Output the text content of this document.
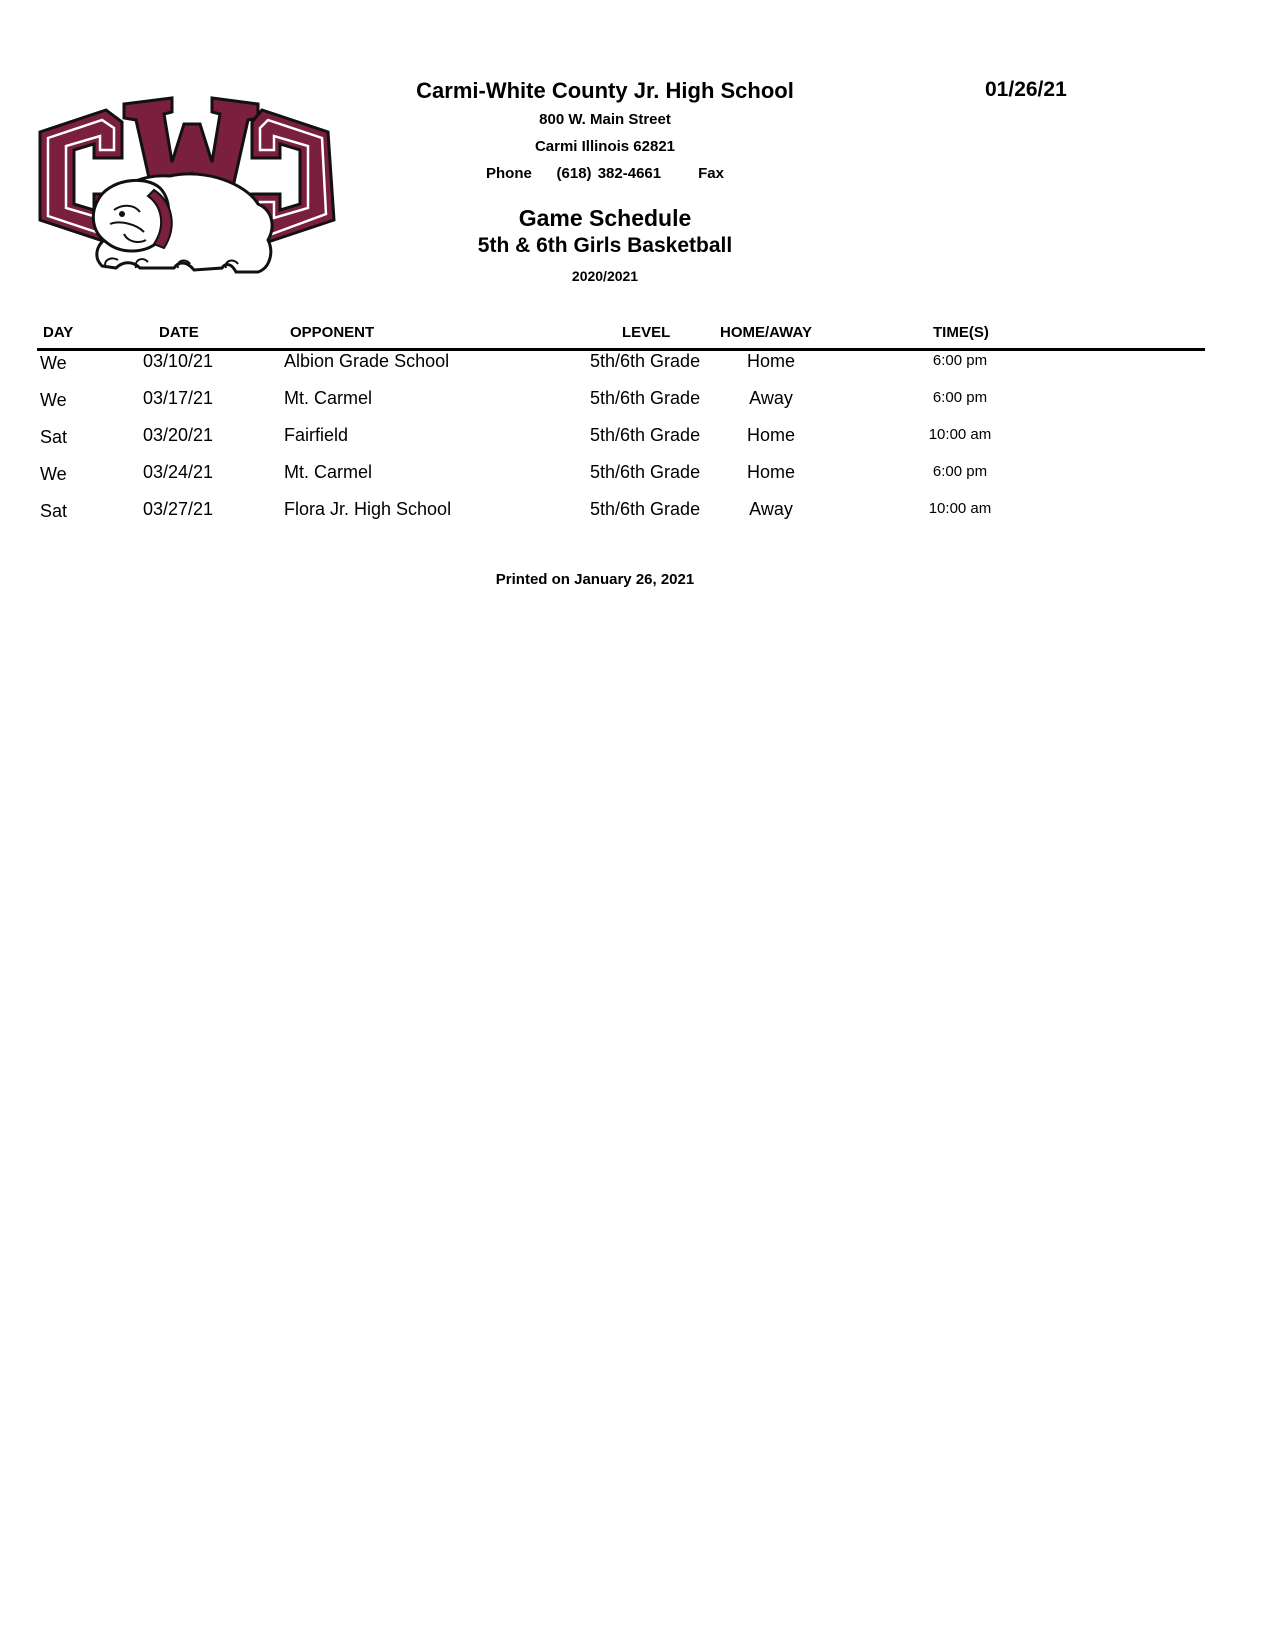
Carmi-White County Jr. High School	01/26/21
800 W. Main Street
Carmi Illinois 62821
Phone (618) 382-4661 Fax
Game Schedule
5th & 6th Girls Basketball
2020/2021
DAY	DATE	OPPONENT	LEVEL	HOME/AWAY	TIME(S)
We	03/10/21	Albion Grade School	5th/6th Grade	Home	6:00 pm
We	03/17/21	Mt. Carmel	5th/6th Grade	Away	6:00 pm
Sat	03/20/21	Fairfield	5th/6th Grade	Home	10:00 am
We	03/24/21	Mt. Carmel	5th/6th Grade	Home	6:00 pm
Sat	03/27/21	Flora Jr. High School	5th/6th Grade	Away	10:00 am
Printed on January 26, 2021
